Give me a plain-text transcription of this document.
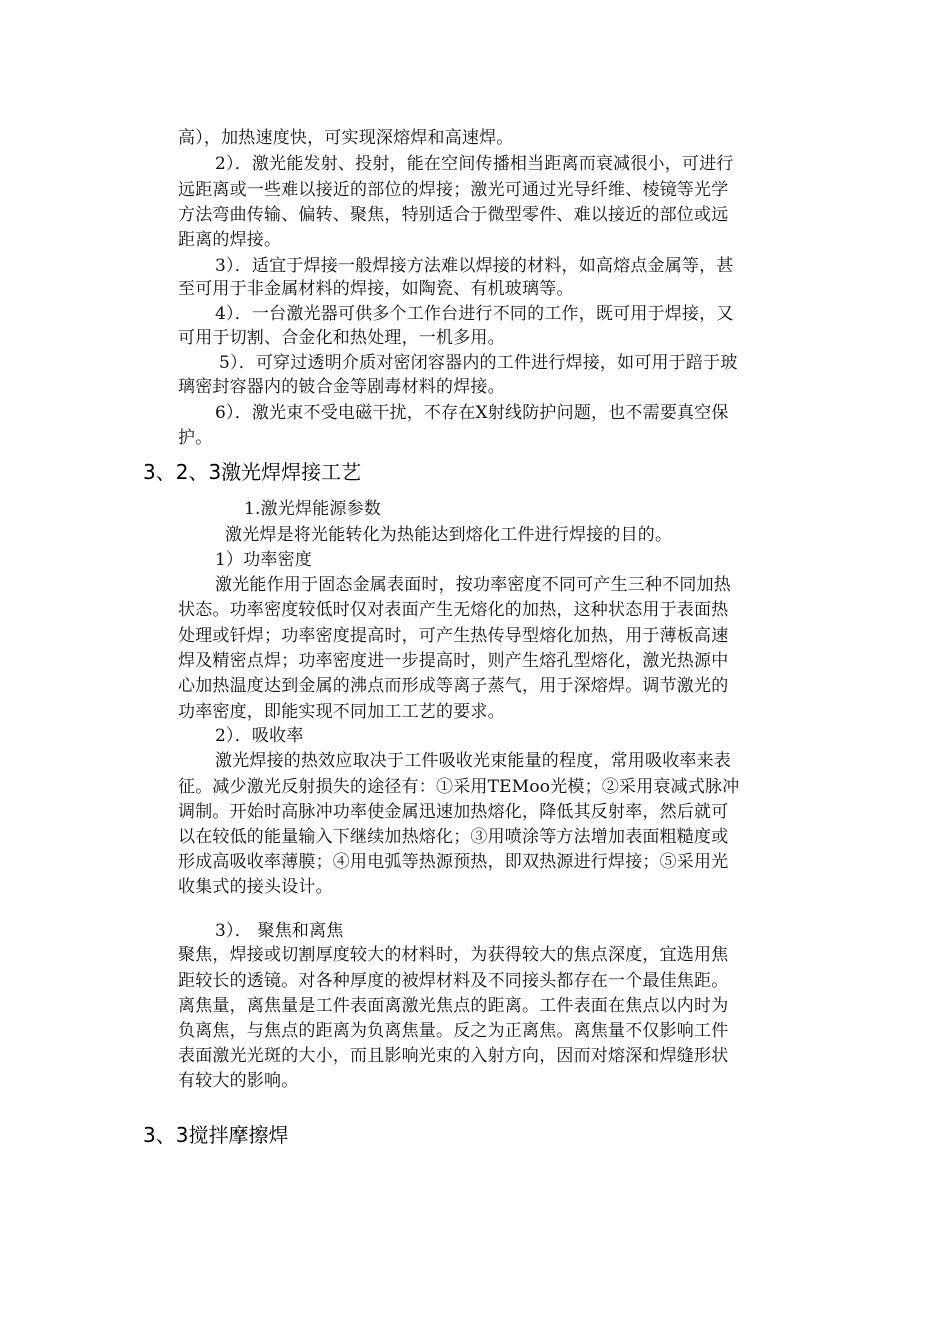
高），加热速度快，可实现深熔焊和高速焊。
2）．激光能发射、投射，能在空间传播相当距离而衰减很小，可进行
远距离或一些难以接近的部位的焊接；激光可通过光导纤维、棱镜等光学
方法弯曲传输、偏转、聚焦，特别适合于微型零件、难以接近的部位或远
距离的焊接。
3）．适宜于焊接一般焊接方法难以焊接的材料，如高熔点金属等，甚
至可用于非金属材料的焊接，如陶瓷、有机玻璃等。
4）．一台激光器可供多个工作台进行不同的工作，既可用于焊接，又
可用于切割、合金化和热处理，一机多用。
5）．可穿过透明介质对密闭容器内的工件进行焊接，如可用于踣于玻
璃密封容器内的铍合金等剧毒材料的焊接。
6）．激光束不受电磁干扰，不存在X射线防护问题，也不需要真空保
护。
3、2、3激光焊焊接工艺
1.激光焊能源参数
激光焊是将光能转化为热能达到熔化工件进行焊接的目的。
1）功率密度
激光能作用于固态金属表面时，按功率密度不同可产生三种不同加热
状态。功率密度较低时仅对表面产生无熔化的加热，这种状态用于表面热
处理或钎焊；功率密度提高时，可产生热传导型熔化加热，用于薄板高速
焊及精密点焊；功率密度进一步提高时，则产生熔孔型熔化，激光热源中
心加热温度达到金属的沸点而形成等离子蒸气，用于深熔焊。调节激光的
功率密度，即能实现不同加工工艺的要求。
2）．吸收率
激光焊接的热效应取决于工件吸收光束能量的程度，常用吸收率来表
征。减少激光反射损失的途径有：①采用TEMoo光模；②采用衰减式脉冲
调制。开始时高脉冲功率使金属迅速加热熔化，降低其反射率，然后就可
以在较低的能量输入下继续加热熔化；③用喷涂等方法增加表面粗糙度或
形成高吸收率薄膜；④用电弧等热源预热，即双热源进行焊接；⑤采用光
收集式的接头设计。
3）． 聚焦和离焦
聚焦，焊接或切割厚度较大的材料时，为获得较大的焦点深度，宜选用焦
距较长的透镜。对各种厚度的被焊材料及不同接头都存在一个最佳焦距。
离焦量，离焦量是工件表面离激光焦点的距离。工件表面在焦点以内时为
负离焦，与焦点的距离为负离焦量。反之为正离焦。离焦量不仅影响工件
表面激光光斑的大小，而且影响光束的入射方向，因而对熔深和焊缝形状
有较大的影响。
3、3搅拌摩擦焊
